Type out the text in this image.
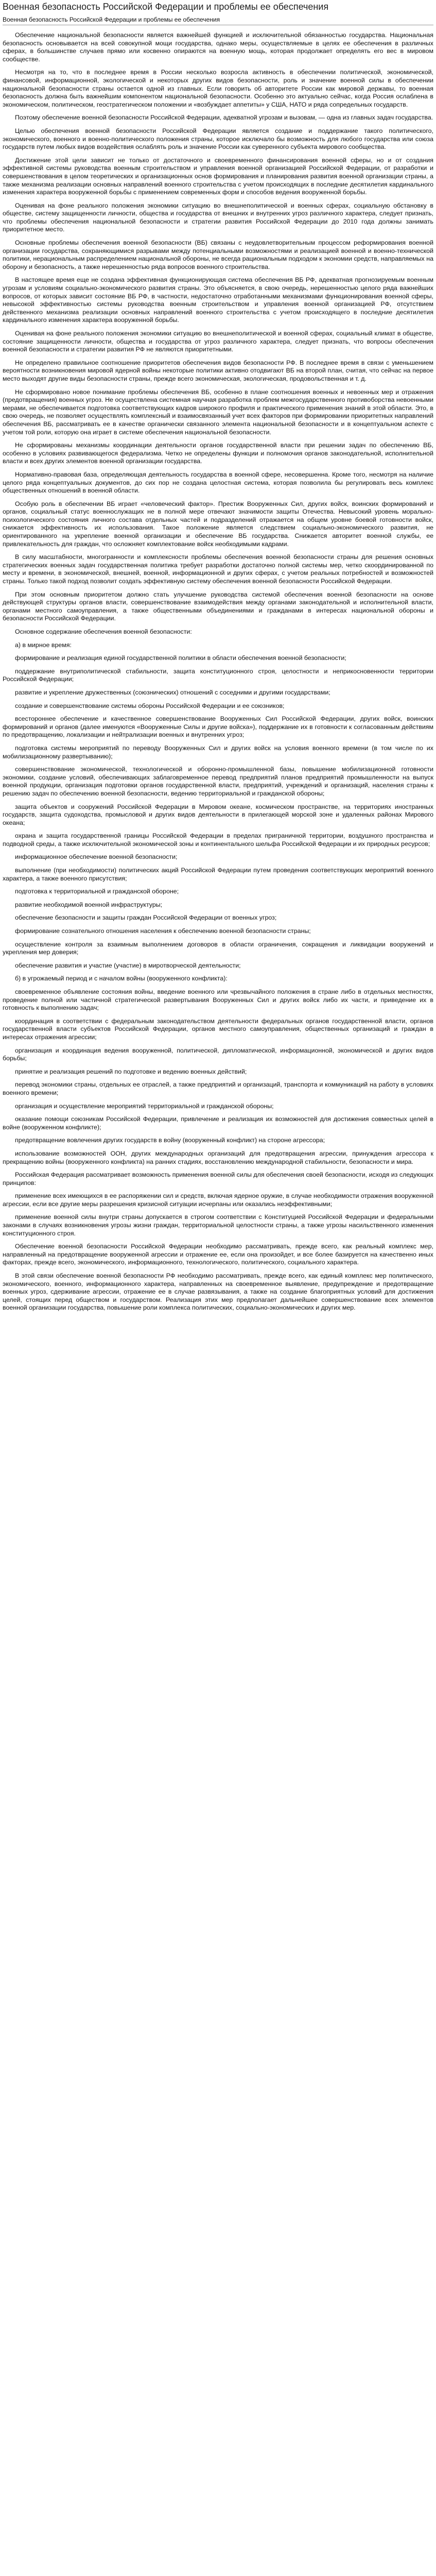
Военная безопасность Российской Федерации и проблемы ее обеспечения
Военная безопасность Российской Федерации и проблемы ее обеспечения

Обеспечение национальной безопасности является важнейшей функцией и исключительной обязанностью государства. Национальная безопасность основывается на всей совокупной мощи государства, однако меры, осуществляемые в целях ее обеспечения в различных сферах, в большинстве случаев прямо или косвенно опираются на военную мощь, которая продолжает определять его вес в мировом сообществе.

Несмотря на то, что в последнее время в России несколько возросла активность в обеспечении политической, экономической, финансовой, информационной, экологической и некоторых других видов безопасности, роль и значение военной силы в обеспечении национальной безопасности страны остается одной из главных. Если говорить об авторитете России как мировой державы, то военная безопасность должна быть важнейшим компонентом национальной безопасности. Особенно это актуально сейчас, когда Россия ослаблена в экономическом, политическом, геостратегическом положении и «возбуждает аппетиты» у США, НАТО и ряда сопредельных государств.

Поэтому обеспечение военной безопасности Российской Федерации, адекватной угрозам и вызовам, — одна из главных задач государства.

Целью обеспечения военной безопасности Российской Федерации является создание и поддержание такого политического, экономического, военного и военно-политического положения страны, которое исключало бы возможность для любого государства или союза государств путем любых видов воздействия ослаблять роль и значение России как суверенного субъекта мирового сообщества.

Достижение этой цели зависит не только от достаточного и своевременного финансирования военной сферы, но и от создания эффективной системы руководства военным строительством и управления военной организацией Российской Федерации, от разработки и совершенствования в целом теоретических и организационных основ формирования и планирования развития военной организации страны, а также механизма реализации основных направлений военного строительства с учетом происходящих в последние десятилетия кардинального изменения характера вооруженной борьбы с применением современных форм и способов ведения вооруженной борьбы.

Оценивая на фоне реального положения экономики ситуацию во внешнеполитической и военных сферах, социальную обстановку в обществе, систему защищенности личности, общества и государства от внешних и внутренних угроз различного характера, следует признать, что проблемы обеспечения национальной безопасности и стратегии развития Российской Федерации до 2010 года должны занимать приоритетное место.

Основные проблемы обеспечения военной безопасности (ВБ) связаны с неудовлетворительным процессом реформирования военной организации государства, сохраняющимися разрывами между потенциальными возможностями и реализацией военной и военно-технической политики, нерациональным распределением национальной обороны, не всегда рациональным подходом к экономии средств, направляемых на оборону и безопасность, а также нерешенностью ряда вопросов военного строительства.

В настоящее время еще не создана эффективная функционирующая система обеспечения ВБ РФ, адекватная прогнозируемым военным угрозам и условиям социально-экономического развития страны. Это объясняется, в свою очередь, нерешенностью целого ряда важнейших вопросов, от которых зависит состояние ВБ РФ, в частности, недостаточно отработанными механизмами функционирования военной сферы, невысокой эффективностью системы руководства военным строительством и управления военной организацией РФ, отсутствием действенного механизма реализации основных направлений военного строительства с учетом происходящего в последние десятилетия кардинального изменения характера вооруженной борьбы.

Оценивая на фоне реального положения экономики ситуацию во внешнеполитической и военной сферах, социальный климат в обществе, состояние защищенности личности, общества и государства от угроз различного характера, следует признать, что вопросы обеспечения военной безопасности и стратегии развития РФ не являются приоритетными.

Не определено правильное соотношение приоритетов обеспечения видов безопасности РФ. В последнее время в связи с уменьшением вероятности возникновения мировой ядерной войны некоторые политики активно отодвигают ВБ на второй план, считая, что сейчас на первое место выходят другие виды безопасности страны, прежде всего экономическая, экологическая, продовольственная и т. д.

Не сформировано новое понимание проблемы обеспечения ВБ, особенно в плане соотношения военных и невоенных мер и отражения (предотвращения) военных угроз. Не осуществлена системная научная разработка проблем межгосударственного противоборства невоенными мерами, не обеспечивается подготовка соответствующих кадров широкого профиля и практического применения знаний в этой области. Это, в свою очередь, не позволяет осуществлять комплексный и взаимосвязанный учет всех факторов при формировании приоритетных направлений обеспечения ВБ, рассматривать ее в качестве органически связанного элемента национальной безопасности и в концептуальном аспекте с учетом той роли, которую она играет в системе обеспечения национальной безопасности.

Не сформированы механизмы координации деятельности органов государственной власти при решении задач по обеспечению ВБ, особенно в условиях развивающегося федерализма. Четко не определены функции и полномочия органов законодательной, исполнительной власти и всех других элементов военной организации государства.

Нормативно-правовая база, определяющая деятельность государства в военной сфере, несовершенна. Кроме того, несмотря на наличие целого ряда концептуальных документов, до сих пор не создана целостная система, которая позволила бы регулировать весь комплекс общественных отношений в военной области.

Особую роль в обеспечении ВБ играет «человеческий фактор». Престиж Вооруженных Сил, других войск, воинских формирований и органов, социальный статус военнослужащих не в полной мере отвечают значимости защиты Отечества. Невысокий уровень морально-психологического состояния личного состава отдельных частей и подразделений отражается на общем уровне боевой готовности войск, снижается эффективность их использования. Такое положение является следствием социально-экономического развития, не ориентированного на укрепление военной организации и обеспечение ВБ государства. Снижается авторитет военной службы, ее привлекательность для граждан, что осложняет комплектование войск необходимыми кадрами.

В силу масштабности, многогранности и комплексности проблемы обеспечения военной безопасности страны для решения основных стратегических военных задач государственная политика требует разработки достаточно полной системы мер, четко скоординированной по месту и времени, в экономической, внешней, военной, информационной и других сферах, с учетом реальных потребностей и возможностей страны. Только такой подход позволит создать эффективную систему обеспечения военной безопасности Российской Федерации.

При этом основным приоритетом должно стать улучшение руководства системой обеспечения военной безопасности на основе действующей структуры органов власти, совершенствование взаимодействия между органами законодательной и исполнительной власти, органами местного самоуправления, а также общественными объединениями и гражданами в интересах национальной обороны и безопасности Российской Федерации.

Основное содержание обеспечения военной безопасности:

а) в мирное время:

формирование и реализация единой государственной политики в области обеспечения военной безопасности;

поддержание внутриполитической стабильности, защита конституционного строя, целостности и неприкосновенности территории Российской Федерации;

развитие и укрепление дружественных (союзнических) отношений с соседними и другими государствами;

создание и совершенствование системы обороны Российской Федерации и ее союзников;

всестороннее обеспечение и качественное совершенствование Вооруженных Сил Российской Федерации, других войск, воинских формирований и органов (далее именуются «Вооруженные Силы и другие войска»), поддержание их в готовности к согласованным действиям по предотвращению, локализации и нейтрализации военных и внутренних угроз;

подготовка системы мероприятий по переводу Вооруженных Сил и других войск на условия военного времени (в том числе по их мобилизационному развертыванию);

совершенствование экономической, технологической и оборонно-промышленной базы, повышение мобилизационной готовности экономики, создание условий, обеспечивающих заблаговременное перевод предприятий планов предприятий промышленности на выпуск военной продукции, организация подготовки органов государственной власти, предприятий, учреждений и организаций, населения страны к решению задач по обеспечению военной безопасности, ведению территориальной и гражданской обороны;

защита объектов и сооружений Российской Федерации в Мировом океане, космическом пространстве, на территориях иностранных государств, защита судоходства, промысловой и других видов деятельности в прилегающей морской зоне и удаленных районах Мирового океана;

охрана и защита государственной границы Российской Федерации в пределах приграничной территории, воздушного пространства и подводной среды, а также исключительной экономической зоны и континентального шельфа Российской Федерации и их природных ресурсов;

информационное обеспечение военной безопасности;

выполнение (при необходимости) политических акций Российской Федерации путем проведения соответствующих мероприятий военного характера, а также военного присутствия;

подготовка к территориальной и гражданской обороне;

развитие необходимой военной инфраструктуры;

обеспечение безопасности и защиты граждан Российской Федерации от военных угроз;

формирование сознательного отношения населения к обеспечению военной безопасности страны;

осуществление контроля за взаимным выполнением договоров в области ограничения, сокращения и ликвидации вооружений и укрепления мер доверия;

обеспечение развития и участие (участие) в миротворческой деятельности;

б) в угрожаемый период и с началом войны (вооруженного конфликта):

своевременное объявление состояния войны, введение военного или чрезвычайного положения в стране либо в отдельных местностях, проведение полной или частичной стратегической развертывания Вооруженных Сил и других войск либо их части, и приведение их в готовность к выполнению задач;

координация в соответствии с федеральным законодательством деятельности федеральных органов государственной власти, органов государственной власти субъектов Российской Федерации, органов местного самоуправления, общественных организаций и граждан в интересах отражения агрессии;

организация и координация ведения вооруженной, политической, дипломатической, информационной, экономической и других видов борьбы;

принятие и реализация решений по подготовке и ведению военных действий;

перевод экономики страны, отдельных ее отраслей, а также предприятий и организаций, транспорта и коммуникаций на работу в условиях военного времени;

организация и осуществление мероприятий территориальной и гражданской обороны;

оказание помощи союзникам Российской Федерации, привлечение и реализация их возможностей для достижения совместных целей в войне (вооруженном конфликте);

предотвращение вовлечения других государств в войну (вооруженный конфликт) на стороне агрессора;

использование возможностей ООН, других международных организаций для предотвращения агрессии, принуждения агрессора к прекращению войны (вооруженного конфликта) на ранних стадиях, восстановлению международной стабильности, безопасности и мира.

Российская Федерация рассматривает возможность применения военной силы для обеспечения своей безопасности, исходя из следующих принципов:

применение всех имеющихся в ее распоряжении сил и средств, включая ядерное оружие, в случае необходимости отражения вооруженной агрессии, если все другие меры разрешения кризисной ситуации исчерпаны или оказались неэффективными;

применение военной силы внутри страны допускается в строгом соответствии с Конституцией Российской Федерации и федеральными законами в случаях возникновения угрозы жизни граждан, территориальной целостности страны, а также угрозы насильственного изменения конституционного строя.

Обеспечение военной безопасности Российской Федерации необходимо рассматривать, прежде всего, как реальный комплекс мер, направленный на предотвращение вооруженной агрессии и отражение ее, если она произойдет, и все более базируется на качественно иных факторах, прежде всего, экономического, информационного, технологического, политического, социального характера.

В этой связи обеспечение военной безопасности РФ необходимо рассматривать, прежде всего, как единый комплекс мер политического, экономического, военного, информационного характера, направленных на своевременное выявление, предупреждение и предотвращение военных угроз, сдерживание агрессии, отражение ее в случае развязывания, а также на создание благоприятных условий для достижения целей, стоящих перед обществом и государством. Реализация этих мер предполагает дальнейшее совершенствование всех элементов военной организации государства, повышение роли комплекса политических, социально-экономических и других мер.
